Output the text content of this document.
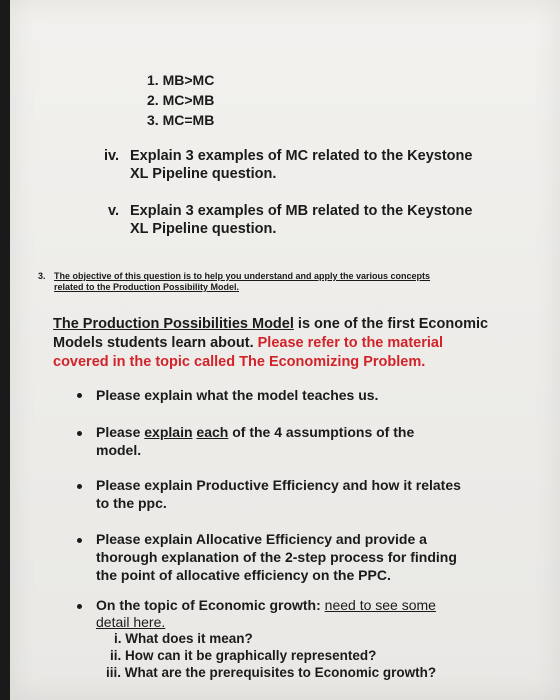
1. MB>MC
2. MC>MB
3. MC=MB
iv. Explain 3 examples of MC related to the Keystone
XL Pipeline question.
v. Explain 3 examples of MB related to the Keystone
XL Pipeline question.
3. The objective of this question is to help you understand and apply the various concepts
related to the Production Possibility Model.
The Production Possibilities Model is one of the first Economic
Models students learn about. Please refer to the material
covered in the topic called The Economizing Problem.
Please explain what the model teaches us.
Please explain each of the 4 assumptions of the
model.
Please explain Productive Efficiency and how it relates
to the ppc.
Please explain Allocative Efficiency and provide a
thorough explanation of the 2-step process for finding
the point of allocative efficiency on the PPC.
On the topic of Economic growth: need to see some
detail here.
i. What does it mean?
ii. How can it be graphically represented?
iii. What are the prerequisites to Economic growth?
